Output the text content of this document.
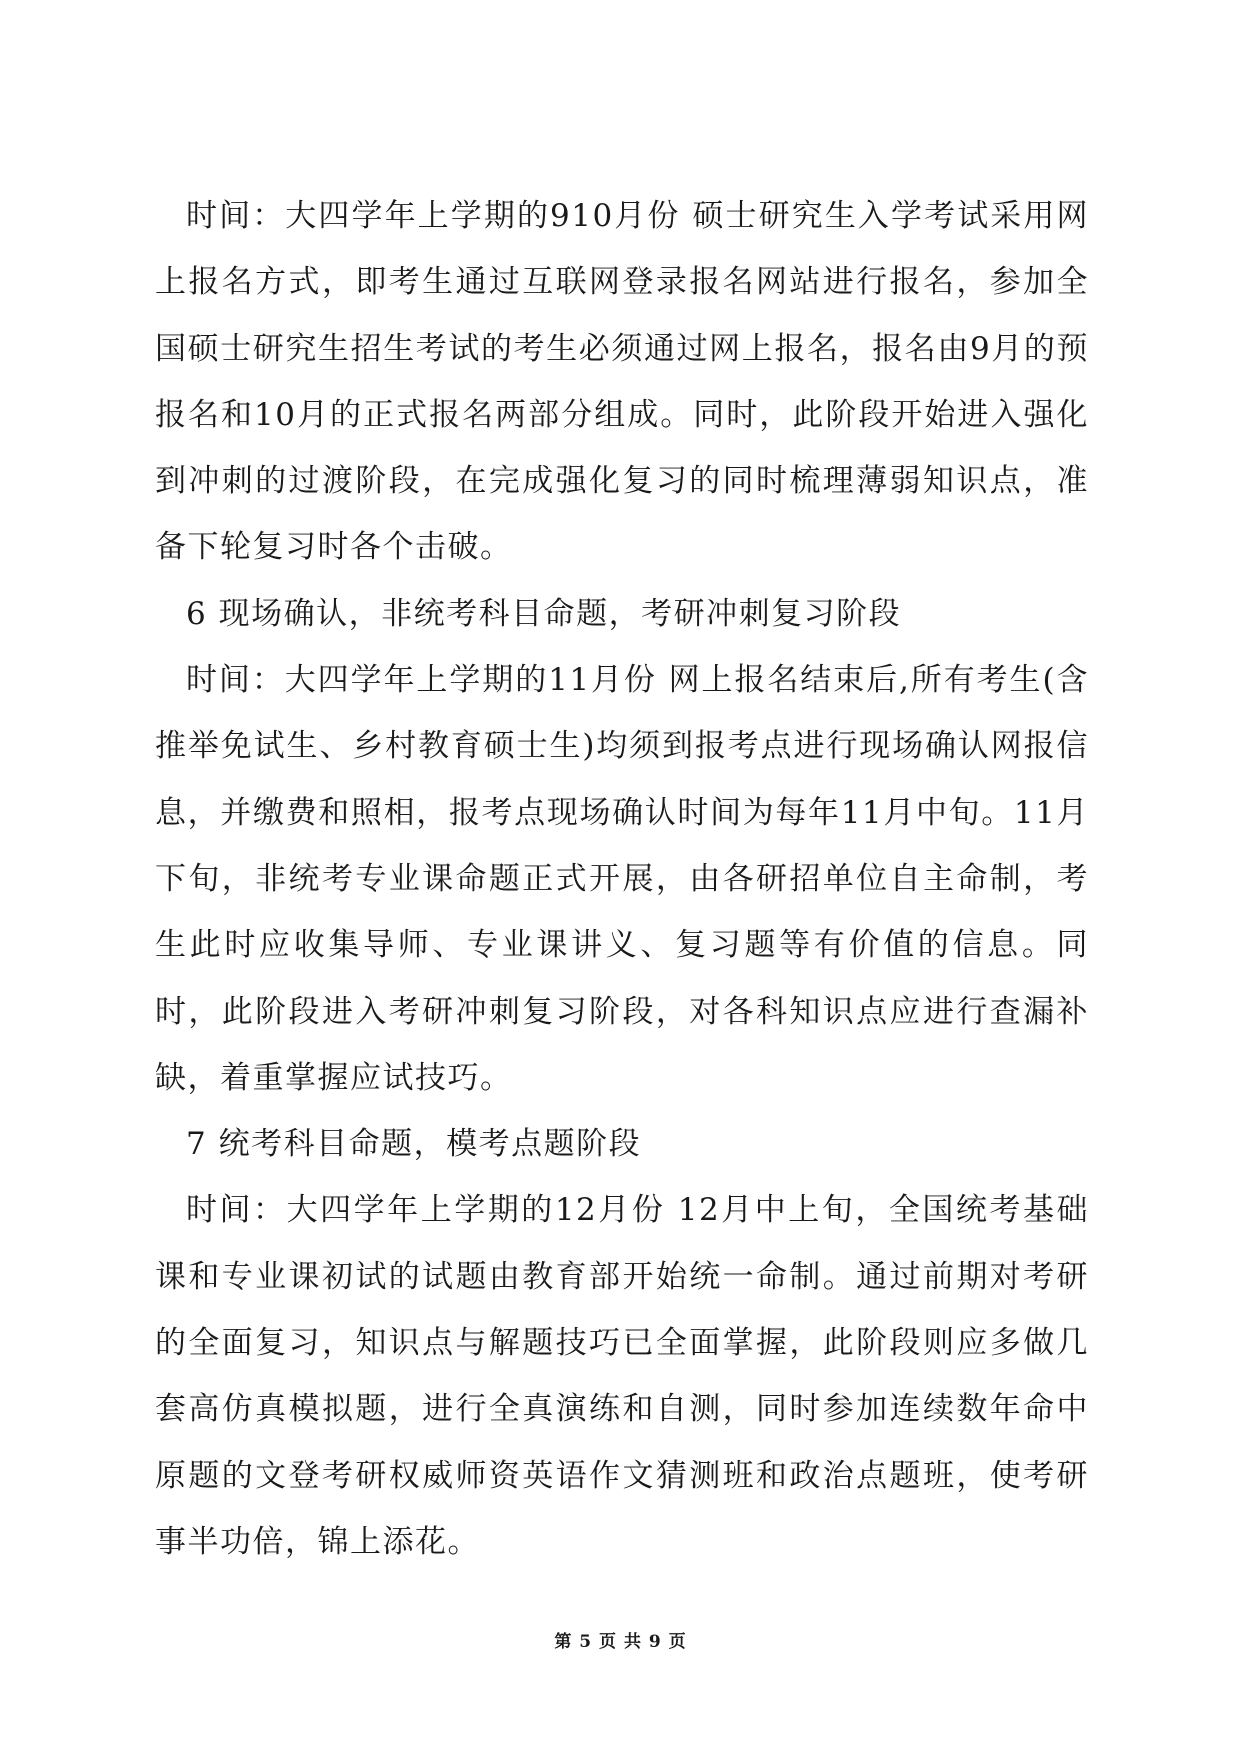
时间：大四学年上学期的910月份 硕士研究生入学考试采用网上报名方式，即考生通过互联网登录报名网站进行报名，参加全国硕士研究生招生考试的考生必须通过网上报名，报名由9月的预报名和10月的正式报名两部分组成。同时，此阶段开始进入强化到冲刺的过渡阶段，在完成强化复习的同时梳理薄弱知识点，准备下轮复习时各个击破。

6 现场确认，非统考科目命题，考研冲刺复习阶段

时间：大四学年上学期的11月份 网上报名结束后,所有考生(含推举免试生、乡村教育硕士生)均须到报考点进行现场确认网报信息，并缴费和照相，报考点现场确认时间为每年11月中旬。11月下旬，非统考专业课命题正式开展，由各研招单位自主命制，考生此时应收集导师、专业课讲义、复习题等有价值的信息。同时，此阶段进入考研冲刺复习阶段，对各科知识点应进行查漏补缺，着重掌握应试技巧。

7 统考科目命题，模考点题阶段

时间：大四学年上学期的12月份 12月中上旬，全国统考基础课和专业课初试的试题由教育部开始统一命制。通过前期对考研的全面复习，知识点与解题技巧已全面掌握，此阶段则应多做几套高仿真模拟题，进行全真演练和自测，同时参加连续数年命中原题的文登考研权威师资英语作文猜测班和政治点题班，使考研事半功倍，锦上添花。

第 5 页 共 9 页
